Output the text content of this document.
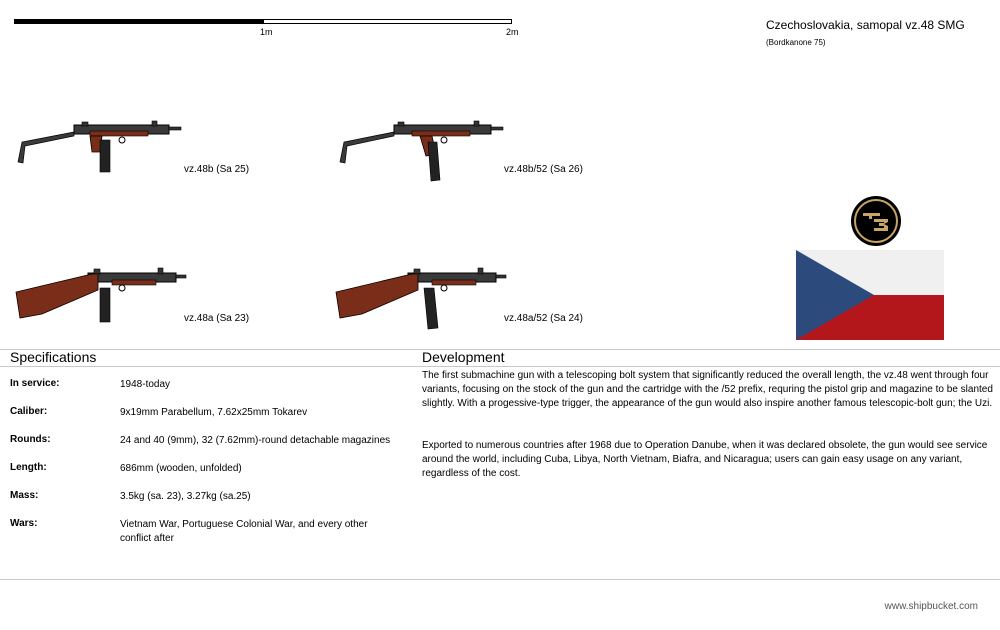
1m	2m	Czechoslovakia, samopal vz.48 SMG
(Bordkanone 75)
vz.48b (Sa 25)	vz.48b/52 (Sa 26)
vz.48a (Sa 23)	vz.48a/52 (Sa 24)
Specifications
In service:	1948-today
Caliber:	9x19mm Parabellum, 7.62x25mm Tokarev
Rounds:	24 and 40 (9mm), 32 (7.62mm)-round detachable magazines
Length:	686mm (wooden, unfolded)
Mass:	3.5kg (sa. 23), 3.27kg (sa.25)
Wars:	Vietnam War, Portuguese Colonial War, and every other conflict after
Development
The first submachine gun with a telescoping bolt system that significantly reduced the overall length, the vz.48 went through four variants, focusing on the stock of the gun and the cartridge with the /52 prefix, requring the pistol grip and magazine to be slanted slightly. With a progessive-type trigger, the appearance of the gun would also inspire another famous telescopic-bolt gun; the Uzi.
Exported to numerous countries after 1968 due to Operation Danube, when it was declared obsolete, the gun would see service around the world, including Cuba, Libya, North Vietnam, Biafra, and Nicaragua; users can gain easy usage on any variant, regardless of the cost.
www.shipbucket.com
